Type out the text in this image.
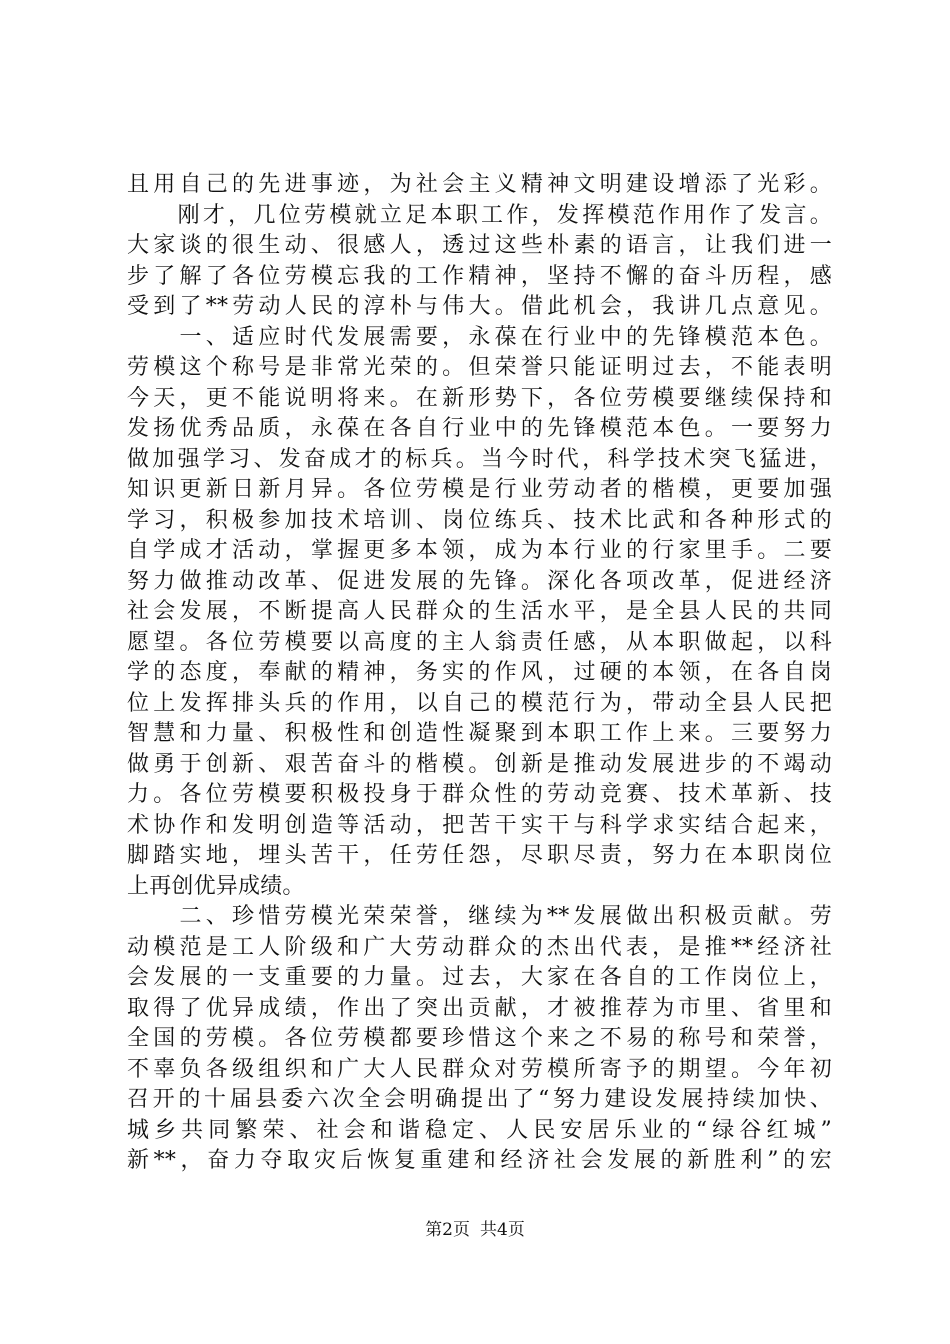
且用自己的先进事迹，为社会主义精神文明建设增添了光彩。
　　刚才，几位劳模就立足本职工作，发挥模范作用作了发言。
大家谈的很生动、很感人，透过这些朴素的语言，让我们进一
步了解了各位劳模忘我的工作精神，坚持不懈的奋斗历程，感
受到了**劳动人民的淳朴与伟大。借此机会，我讲几点意见。
　　一、适应时代发展需要，永葆在行业中的先锋模范本色。
劳模这个称号是非常光荣的。但荣誉只能证明过去，不能表明
今天，更不能说明将来。在新形势下，各位劳模要继续保持和
发扬优秀品质，永葆在各自行业中的先锋模范本色。一要努力
做加强学习、发奋成才的标兵。当今时代，科学技术突飞猛进，
知识更新日新月异。各位劳模是行业劳动者的楷模，更要加强
学习，积极参加技术培训、岗位练兵、技术比武和各种形式的
自学成才活动，掌握更多本领，成为本行业的行家里手。二要
努力做推动改革、促进发展的先锋。深化各项改革，促进经济
社会发展，不断提高人民群众的生活水平，是全县人民的共同
愿望。各位劳模要以高度的主人翁责任感，从本职做起，以科
学的态度，奉献的精神，务实的作风，过硬的本领，在各自岗
位上发挥排头兵的作用，以自己的模范行为，带动全县人民把
智慧和力量、积极性和创造性凝聚到本职工作上来。三要努力
做勇于创新、艰苦奋斗的楷模。创新是推动发展进步的不竭动
力。各位劳模要积极投身于群众性的劳动竞赛、技术革新、技
术协作和发明创造等活动，把苦干实干与科学求实结合起来，
脚踏实地，埋头苦干，任劳任怨，尽职尽责，努力在本职岗位
上再创优异成绩。
　　二、珍惜劳模光荣荣誉，继续为**发展做出积极贡献。劳
动模范是工人阶级和广大劳动群众的杰出代表，是推**经济社
会发展的一支重要的力量。过去，大家在各自的工作岗位上，
取得了优异成绩，作出了突出贡献，才被推荐为市里、省里和
全国的劳模。各位劳模都要珍惜这个来之不易的称号和荣誉，
不辜负各级组织和广大人民群众对劳模所寄予的期望。今年初
召开的十届县委六次全会明确提出了“努力建设发展持续加快、
城乡共同繁荣、社会和谐稳定、人民安居乐业的“绿谷红城”
新**，奋力夺取灾后恢复重建和经济社会发展的新胜利”的宏
第2页 共4页
